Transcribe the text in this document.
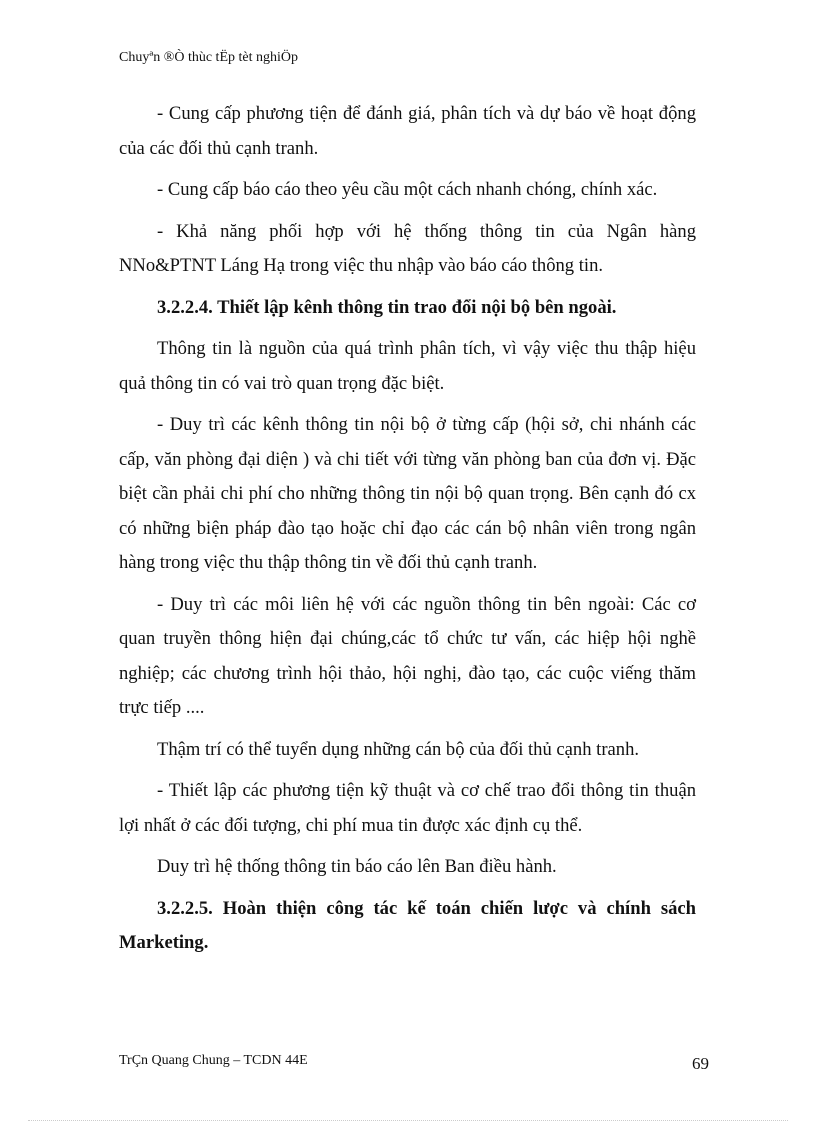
Chuyªn ®Ò thùc tËp tèt nghiÖp

- Cung cấp phương tiện để đánh giá, phân tích và dự báo về hoạt động của các đối thủ cạnh tranh.

- Cung cấp báo cáo theo yêu cầu một cách nhanh chóng, chính xác.

- Khả năng phối hợp với hệ thống thông tin của Ngân hàng NNo&PTNT Láng Hạ trong việc thu nhập vào báo cáo thông tin.

3.2.2.4. Thiết lập kênh thông tin trao đổi nội bộ bên ngoài.

Thông tin là nguồn của quá trình phân tích, vì vậy việc thu thập hiệu quả thông tin có vai trò quan trọng đặc biệt.

- Duy trì các kênh thông tin nội bộ ở từng cấp (hội sở, chi nhánh các cấp, văn phòng đại diện ) và chi tiết với từng văn phòng ban của đơn vị. Đặc biệt cần phải chi phí cho những thông tin nội bộ quan trọng. Bên cạnh đó cx có những biện pháp đào tạo hoặc chỉ đạo các cán bộ nhân viên trong ngân hàng trong việc thu thập thông tin về đối thủ cạnh tranh.

- Duy trì các môi liên hệ với các nguồn thông tin bên ngoài: Các cơ quan truyền thông hiện đại chúng,các tổ chức tư vấn, các hiệp hội nghề nghiệp; các chương trình hội thảo, hội nghị, đào tạo, các cuộc viếng thăm trực tiếp ....

Thậm trí có thể tuyển dụng những cán bộ của đối thủ cạnh tranh.

- Thiết lập các phương tiện kỹ thuật và cơ chế trao đổi thông tin thuận lợi nhất ở các đối tượng, chi phí mua tin được xác định cụ thể.

Duy trì hệ thống thông tin báo cáo lên Ban điều hành.

3.2.2.5. Hoàn thiện công tác kế toán chiến lược và chính sách Marketing.

TrÇn Quang Chung – TCDN 44E	69
